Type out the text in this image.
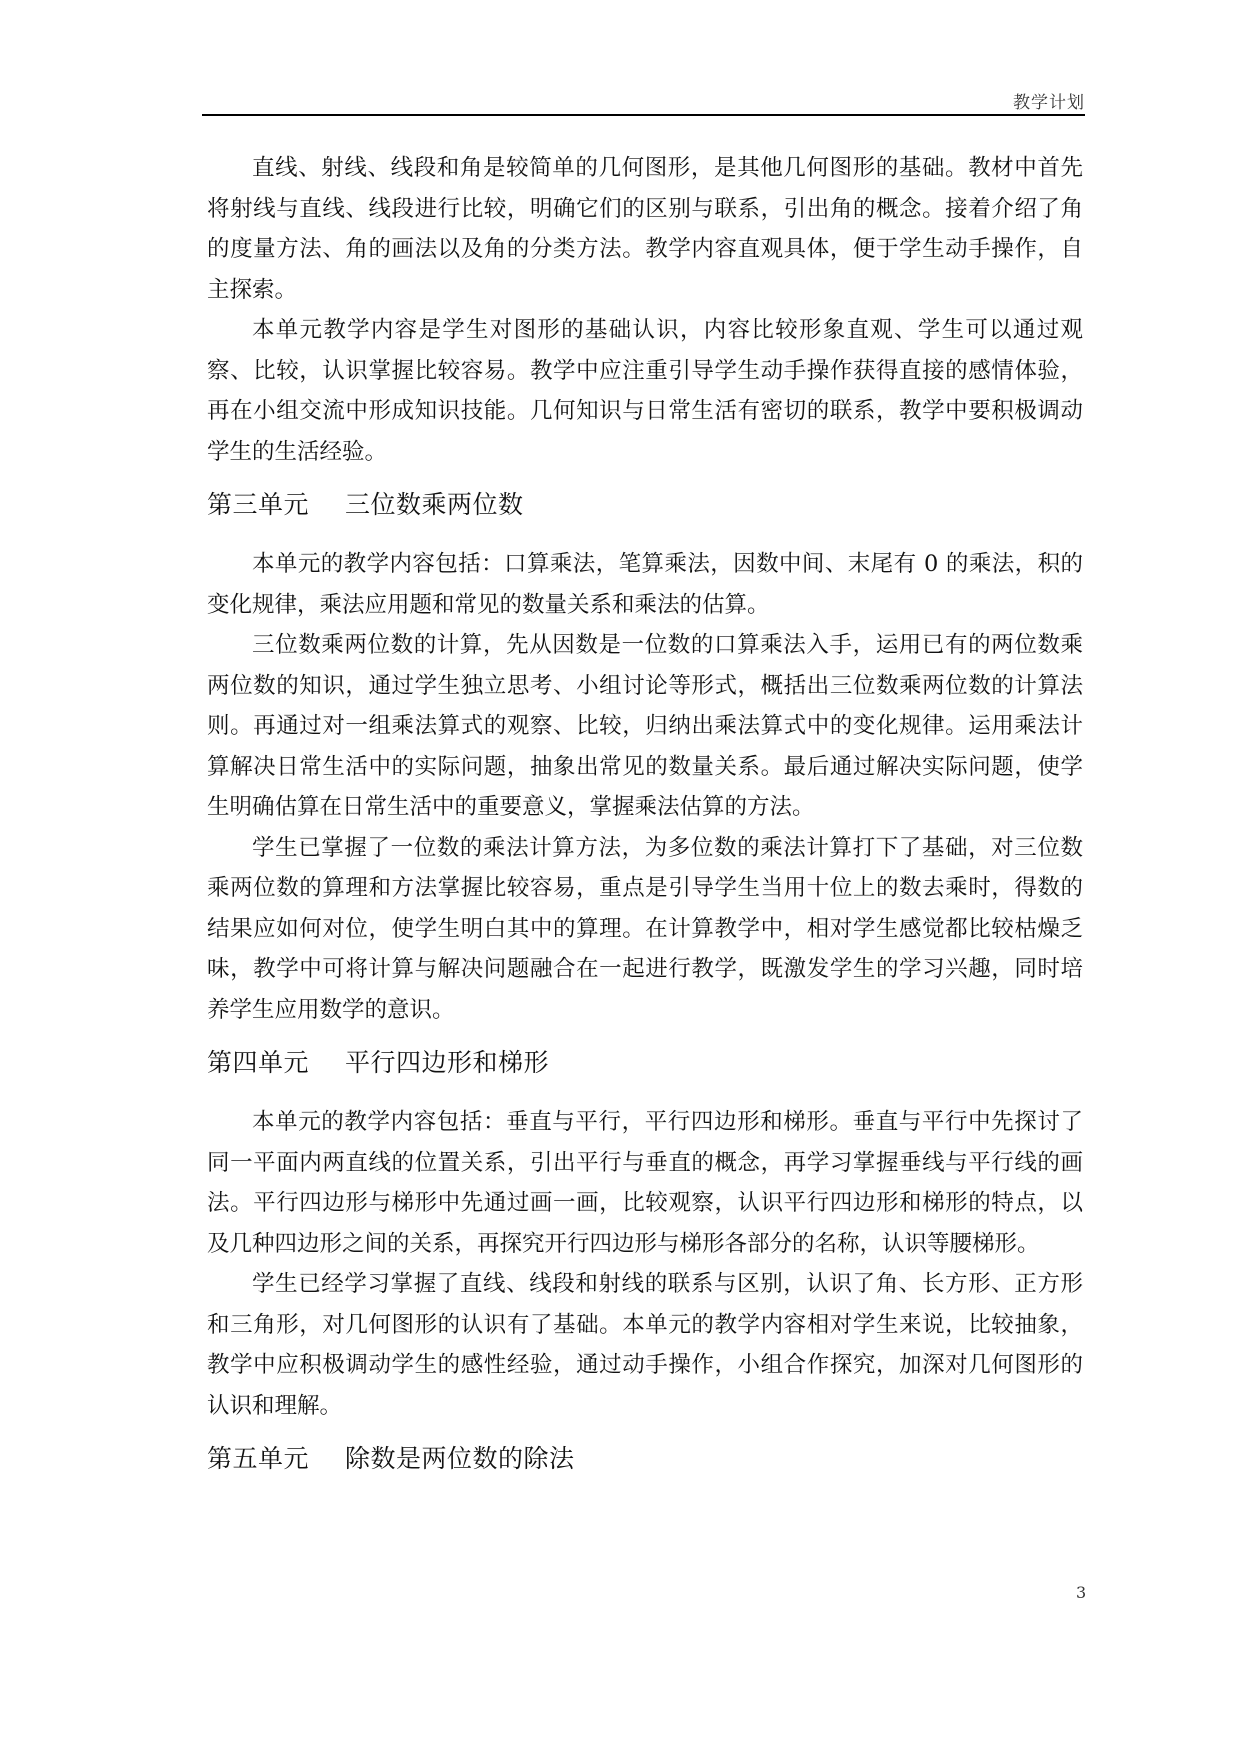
教学计划

直线、射线、线段和角是较简单的几何图形，是其他几何图形的基础。教材中首先将射线与直线、线段进行比较，明确它们的区别与联系，引出角的概念。接着介绍了角的度量方法、角的画法以及角的分类方法。教学内容直观具体，便于学生动手操作，自主探索。

本单元教学内容是学生对图形的基础认识，内容比较形象直观、学生可以通过观察、比较，认识掌握比较容易。教学中应注重引导学生动手操作获得直接的感情体验，再在小组交流中形成知识技能。几何知识与日常生活有密切的联系，教学中要积极调动学生的生活经验。

第三单元 三位数乘两位数

本单元的教学内容包括：口算乘法，笔算乘法，因数中间、末尾有 0 的乘法，积的变化规律，乘法应用题和常见的数量关系和乘法的估算。

三位数乘两位数的计算，先从因数是一位数的口算乘法入手，运用已有的两位数乘两位数的知识，通过学生独立思考、小组讨论等形式，概括出三位数乘两位数的计算法则。再通过对一组乘法算式的观察、比较，归纳出乘法算式中的变化规律。运用乘法计算解决日常生活中的实际问题，抽象出常见的数量关系。最后通过解决实际问题，使学生明确估算在日常生活中的重要意义，掌握乘法估算的方法。

学生已掌握了一位数的乘法计算方法，为多位数的乘法计算打下了基础，对三位数乘两位数的算理和方法掌握比较容易，重点是引导学生当用十位上的数去乘时，得数的结果应如何对位，使学生明白其中的算理。在计算教学中，相对学生感觉都比较枯燥乏味，教学中可将计算与解决问题融合在一起进行教学，既激发学生的学习兴趣，同时培养学生应用数学的意识。

第四单元 平行四边形和梯形

本单元的教学内容包括：垂直与平行，平行四边形和梯形。垂直与平行中先探讨了同一平面内两直线的位置关系，引出平行与垂直的概念，再学习掌握垂线与平行线的画法。平行四边形与梯形中先通过画一画，比较观察，认识平行四边形和梯形的特点，以及几种四边形之间的关系，再探究开行四边形与梯形各部分的名称，认识等腰梯形。

学生已经学习掌握了直线、线段和射线的联系与区别，认识了角、长方形、正方形和三角形，对几何图形的认识有了基础。本单元的教学内容相对学生来说，比较抽象，教学中应积极调动学生的感性经验，通过动手操作，小组合作探究，加深对几何图形的认识和理解。

第五单元 除数是两位数的除法
3
